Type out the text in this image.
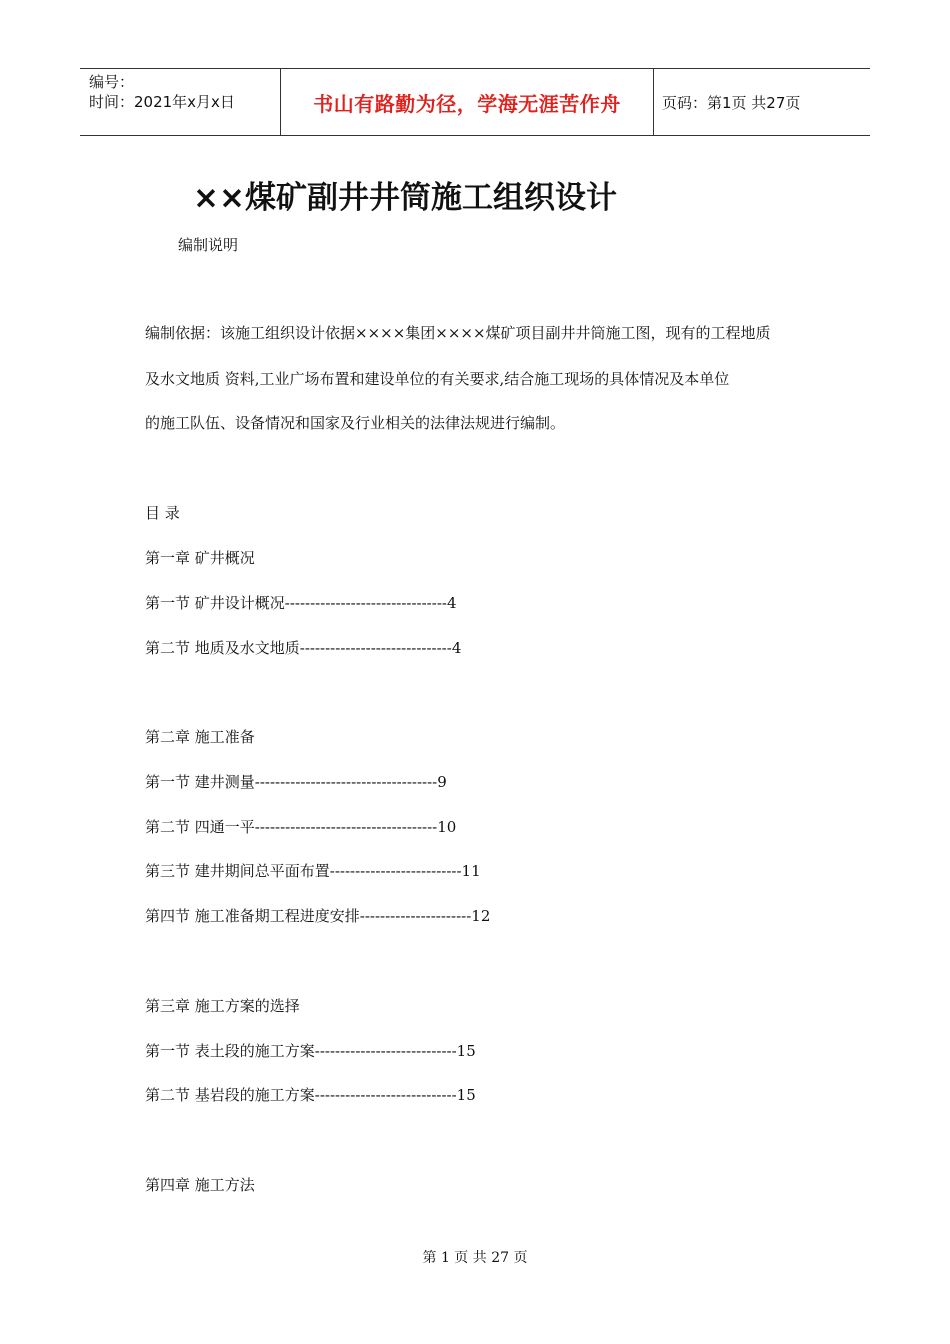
编号：
时间：2021年x月x日	书山有路勤为径，学海无涯苦作舟	页码：第1页 共27页
××煤矿副井井筒施工组织设计
编制说明
编制依据：该施工组织设计依据××××集团××××煤矿项目副井井筒施工图，现有的工程地质
及水文地质 资料,工业广场布置和建设单位的有关要求,结合施工现场的具体情况及本单位
的施工队伍、设备情况和国家及行业相关的法律法规进行编制。
目 录
第一章 矿井概况
第一节 矿井设计概况--------------------------------4
第二节 地质及水文地质------------------------------4
第二章 施工准备
第一节 建井测量------------------------------------9
第二节 四通一平------------------------------------10
第三节 建井期间总平面布置--------------------------11
第四节 施工准备期工程进度安排----------------------12
第三章 施工方案的选择
第一节 表土段的施工方案----------------------------15
第二节 基岩段的施工方案----------------------------15
第四章 施工方法
第 1 页 共 27 页
